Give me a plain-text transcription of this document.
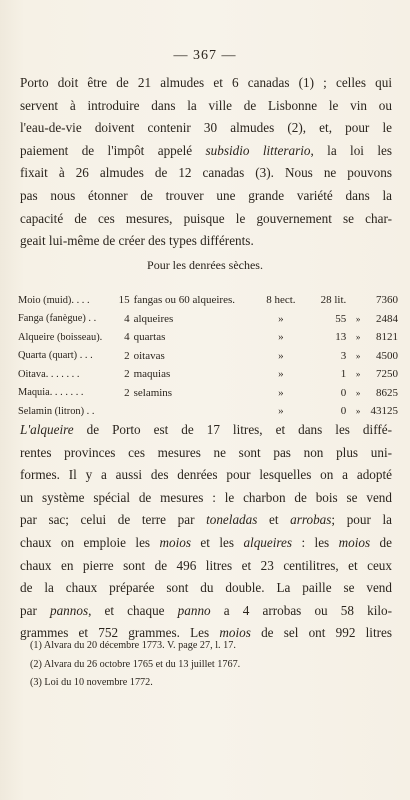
— 367 —

Porto doit être de 21 almudes et 6 canadas (1) ; celles qui
servent à introduire dans la ville de Lisbonne le vin ou
l'eau-de-vie doivent contenir 30 almudes (2), et, pour le
paiement de l'impôt appelé subsidio litterario, la loi les
fixait à 26 almudes de 12 canadas (3). Nous ne pouvons
pas nous étonner de trouver une grande variété dans la
capacité de ces mesures, puisque le gouvernement se char-
geait lui-même de créer des types différents.

Pour les denrées sèches.
Moio (muid). . . .	15	fangas ou 60 alqueires.	8 hect.	28 lit.		7360
Fanga (fanègue) . .	4	alqueires	»	55	»	2484
Alqueire (boisseau).	4	quartas	»	13	»	8121
Quarta (quart) . . .	2	oitavas	»	3	»	4500
Oitava. . . . . . .	2	maquias	»	1	»	7250
Maquia. . . . . . .	2	selamins	»	0	»	8625
Selamin (litron) . .			»	0	»	43125

L'alqueire de Porto est de 17 litres, et dans les diffé-
rentes provinces ces mesures ne sont pas non plus uni-
formes. Il y a aussi des denrées pour lesquelles on a adopté
un système spécial de mesures : le charbon de bois se vend
par sac; celui de terre par toneladas et arrobas; pour la
chaux on emploie les moios et les alqueires : les moios de
chaux en pierre sont de 496 litres et 23 centilitres, et ceux
de la chaux préparée sont du double. La paille se vend
par pannos, et chaque panno a 4 arrobas ou 58 kilo-
grammes et 752 grammes. Les moios de sel ont 992 litres

(1) Alvara du 20 décembre 1773. V. page 27, l. 17.
(2) Alvara du 26 octobre 1765 et du 13 juillet 1767.
(3) Loi du 10 novembre 1772.
